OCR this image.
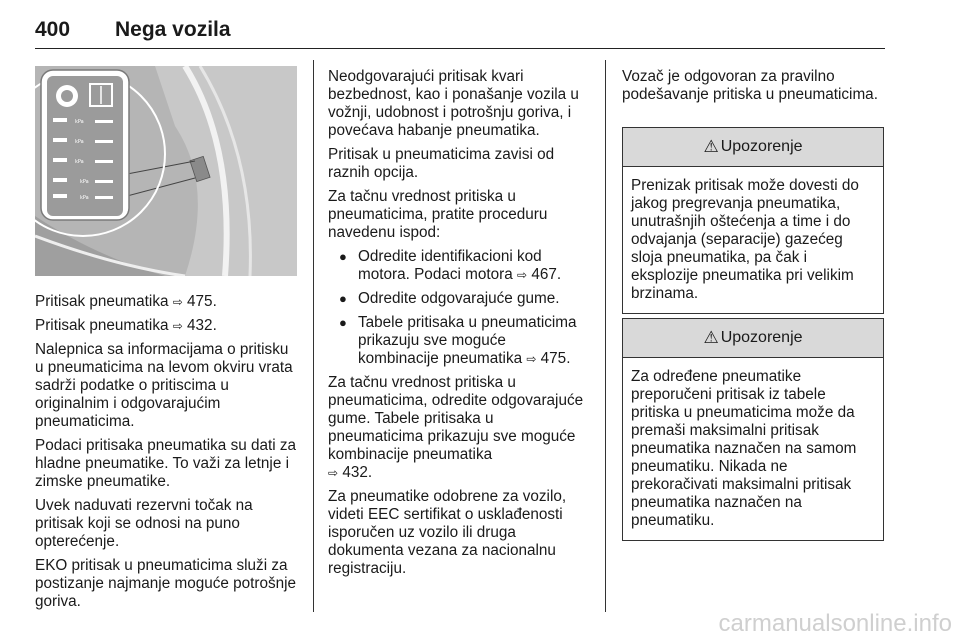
400 Nega vozila
kPa
kPa
kPa
kPa
kPa

Pritisak pneumatika ⇨ 475.

Pritisak pneumatika ⇨ 432.

Nalepnica sa informacijama o pritisku u pneumaticima na levom okviru vrata sadrži podatke o pritiscima u originalnim i odgovarajućim pneumaticima.

Podaci pritisaka pneumatika su dati za hladne pneumatike. To važi za letnje i zimske pneumatike.

Uvek naduvati rezervni točak na pritisak koji se odnosi na puno opterećenje.

EKO pritisak u pneumaticima služi za postizanje najmanje moguće potrošnje goriva.

Neodgovarajući pritisak kvari bezbednost, kao i ponašanje vozila u vožnji, udobnost i potrošnju goriva, i povećava habanje pneumatika.

Pritisak u pneumaticima zavisi od raznih opcija.

Za tačnu vrednost pritiska u pneumaticima, pratite proceduru navedenu ispod:

● Odredite identifikacioni kod motora. Podaci motora ⇨ 467.
● Odredite odgovarajuće gume.
● Tabele pritisaka u pneumaticima prikazuju sve moguće kombinacije pneumatika ⇨ 475.

Za tačnu vrednost pritiska u pneumaticima, odredite odgovarajuće gume. Tabele pritisaka u pneumaticima prikazuju sve moguće kombinacije pneumatika
⇨ 432.

Za pneumatike odobrene za vozilo, videti EEC sertifikat o usklađenosti isporučen uz vozilo ili druga dokumenta vezana za nacionalnu registraciju.

Vozač je odgovoran za pravilno podešavanje pritiska u pneumaticima.

⚠ Upozorenje
Prenizak pritisak može dovesti do jakog pregrevanja pneumatika, unutrašnjih oštećenja a time i do odvajanja (separacije) gazećeg sloja pneumatika, pa čak i eksplozije pneumatika pri velikim brzinama.
⚠ Upozorenje
Za određene pneumatike preporučeni pritisak iz tabele pritiska u pneumaticima može da premaši maksimalni pritisak pneumatika naznačen na samom pneumatiku. Nikada ne prekoračivati maksimalni pritisak pneumatika naznačen na pneumatiku.
carmanualsonline.info
